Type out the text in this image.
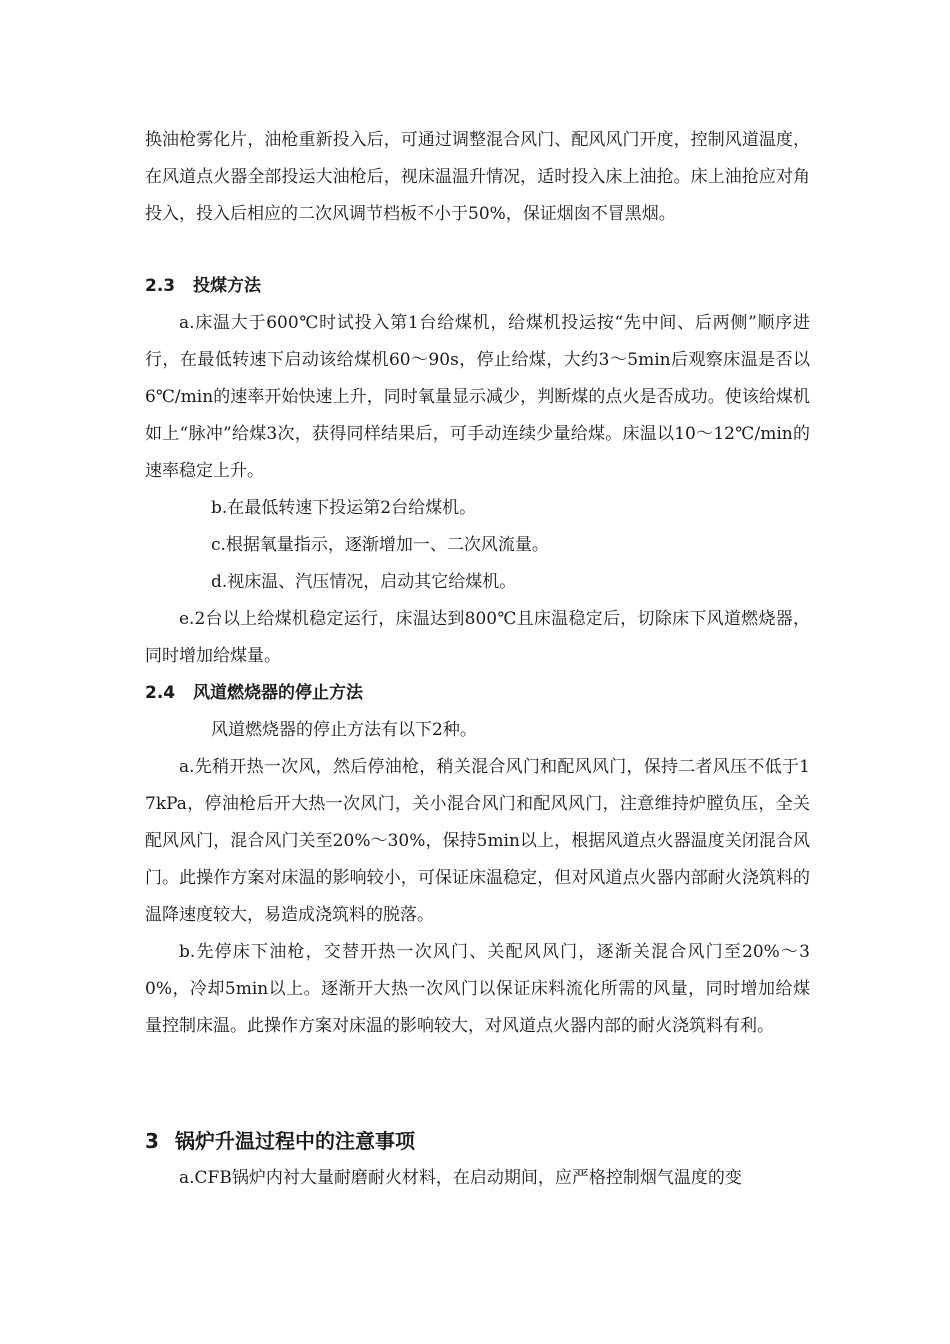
换油枪雾化片，油枪重新投入后，可通过调整混合风门、配风风门开度，控制风道温度，在风道点火器全部投运大油枪后，视床温温升情况，适时投入床上油抢。床上油抢应对角投入，投入后相应的二次风调节档板不小于50%，保证烟囱不冒黑烟。

2.3 投煤方法

a.床温大于600℃时试投入第1台给煤机，给煤机投运按“先中间、后两侧”顺序进行，在最低转速下启动该给煤机60～90s，停止给煤，大约3～5min后观察床温是否以6℃/min的速率开始快速上升，同时氧量显示减少，判断煤的点火是否成功。使该给煤机如上“脉冲”给煤3次，获得同样结果后，可手动连续少量给煤。床温以10～12℃/min的速率稳定上升。

b.在最低转速下投运第2台给煤机。

c.根据氧量指示，逐渐增加一、二次风流量。

d.视床温、汽压情况，启动其它给煤机。

e.2台以上给煤机稳定运行，床温达到800℃且床温稳定后，切除床下风道燃烧器，同时增加给煤量。

2.4 风道燃烧器的停止方法

风道燃烧器的停止方法有以下2种。

a.先稍开热一次风，然后停油枪，稍关混合风门和配风风门，保持二者风压不低于17kPa，停油枪后开大热一次风门，关小混合风门和配风风门，注意维持炉膛负压，全关配风风门，混合风门关至20%～30%，保持5min以上，根据风道点火器温度关闭混合风门。此操作方案对床温的影响较小，可保证床温稳定，但对风道点火器内部耐火浇筑料的温降速度较大，易造成浇筑料的脱落。

b.先停床下油枪，交替开热一次风门、关配风风门，逐渐关混合风门至20%～30%，冷却5min以上。逐渐开大热一次风门以保证床料流化所需的风量，同时增加给煤量控制床温。此操作方案对床温的影响较大，对风道点火器内部的耐火浇筑料有利。

3 锅炉升温过程中的注意事项

a.CFB锅炉内衬大量耐磨耐火材料，在启动期间，应严格控制烟气温度的变
